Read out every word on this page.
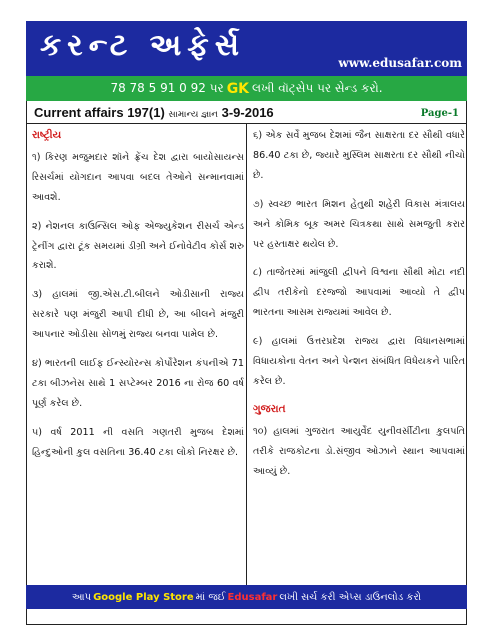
કરન્ટ અફેર્સ	www.edusafar.com
78 78 5 91 0 92 પર GK લખી વૉટ્સેપ પર સેન્ડ કરો.
Current affairs 197(1) સામાન્ય જ્ઞાન 3-9-2016	Page-1
રાષ્ટ્રીય

૧) કિરણ મજુમદાર શૉને ફ્રેંચ દેશ દ્વારા બાયોસાયન્સ રિસર્ચમાં યોગદાન આપવા બદલ તેઓને સન્માનવામાં આવશે.

૨) નેશનલ કાઉન્સિલ ઓફ એજ્યુકેશન રીસર્ચ એન્ડ ટ્રેનીંગ દ્વારા ટૂંક સમયમાં ડીગ્રી અને ઈનોવેટીવ કોર્સ શરુ કરાશે.

૩) હાલમાં જી.એસ.ટી.બીલને ઓડીસાની રાજ્ય સરકારે પણ મંજુરી આપી દીધી છે, આ બીલને મંજુરી આપનાર ઓડીસા સોળમું રાજ્ય બનવા પામેલ છે.

૪) ભારતની લાઈફ ઈન્સ્યોરન્સ કોર્પોરેશન કંપનીએ 71 ટકા બીઝનેસ સાથે 1 સપ્ટેમ્બર 2016 ના રોજ 60 વર્ષ પૂર્ણ કરેલ છે.

૫) વર્ષ 2011 ની વસતિ ગણતરી મુજબ દેશમાં હિન્દુઓની કુલ વસતિના 36.40 ટકા લોકો નિરક્ષર છે.

૬) એક સર્વે મુજબ દેશમાં જૈન સાક્ષરતા દર સૌથી વધારે 86.40 ટકા છે, જ્યારે મુસ્લિમ સાક્ષરતા દર સૌથી નીચો છે.

૭) સ્વચ્છ ભારત મિશન હેતુથી શહેરી વિકાસ મંત્રાલય અને કોમિક બૂક અમર ચિત્રકથા સાથે સમજુતી કરાર પર હસ્તાક્ષર થયેલ છે.

૮) તાજેતરમાં માંજુલી દ્વીપને વિશ્વના સૌથી મોટા નદી દ્વીપ તરીકેનો દરજ્જો આપવામાં આવ્યો તે દ્વીપ ભારતના આસમ રાજ્યમાં આવેલ છે.

૯) હાલમાં ઉત્તરપ્રદેશ રાજ્ય દ્વારા વિધાનસભામાં વિધાયકોના વેતન અને પેન્શન સંબંધિત વિધેયકને પારિત કરેલ છે.

ગુજરાત

૧૦) હાલમાં ગુજરાત આયુર્વેદ યુનીવર્સીટીના કુલપતિ તરીકે રાજકોટના ડો.સંજીવ ઓઝાને સ્થાન આપવામાં આવ્યું છે.

આપ Google Play Store માં જઈ Edusafar લખી સર્ચ કરી એપ્સ ડાઉનલોડ કરો
